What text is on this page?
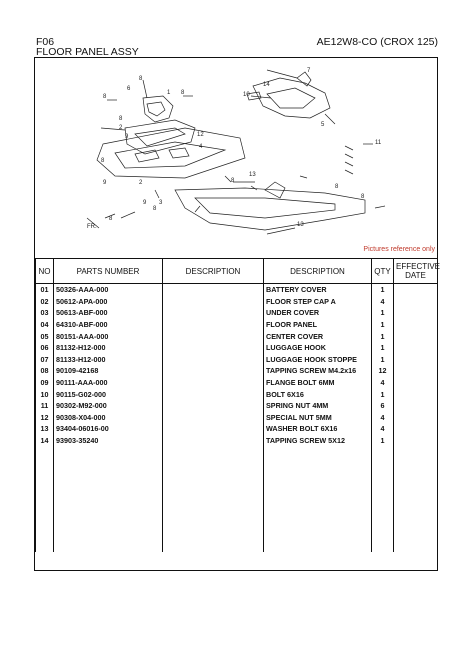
F06
FLOOR PANEL ASSY
AE12W8-CO (CROX 125)
8
6
1
8
8
8
2
9	12
4
8
9	2
9 3
8
8
13
8
14
10
7
5
11
8
8
13
FR.
Pictures reference only
NO	PARTS NUMBER	DESCRIPTION	DESCRIPTION	QTY	EFFECTIVE DATE
01	50326-AAA-000		BATTERY COVER	1	
02	50612-APA-000		FLOOR STEP CAP A	4	
03	50613-ABF-000		UNDER COVER	1	
04	64310-ABF-000		FLOOR PANEL	1	
05	80151-AAA-000		CENTER COVER	1	
06	81132-H12-000		LUGGAGE HOOK	1	
07	81133-H12-000		LUGGAGE HOOK STOPPE	1	
08	90109-42168		TAPPING SCREW M4.2x16	12	
09	90111-AAA-000		FLANGE BOLT 6MM	4	
10	90115-G02-000		BOLT 6X16	1	
11	90302-M92-000		SPRING NUT 4MM	6	
12	90308-X04-000		SPECIAL NUT 5MM	4	
13	93404-06016-00		WASHER BOLT 6X16	4	
14	93903-35240		TAPPING SCREW 5X12	1	
